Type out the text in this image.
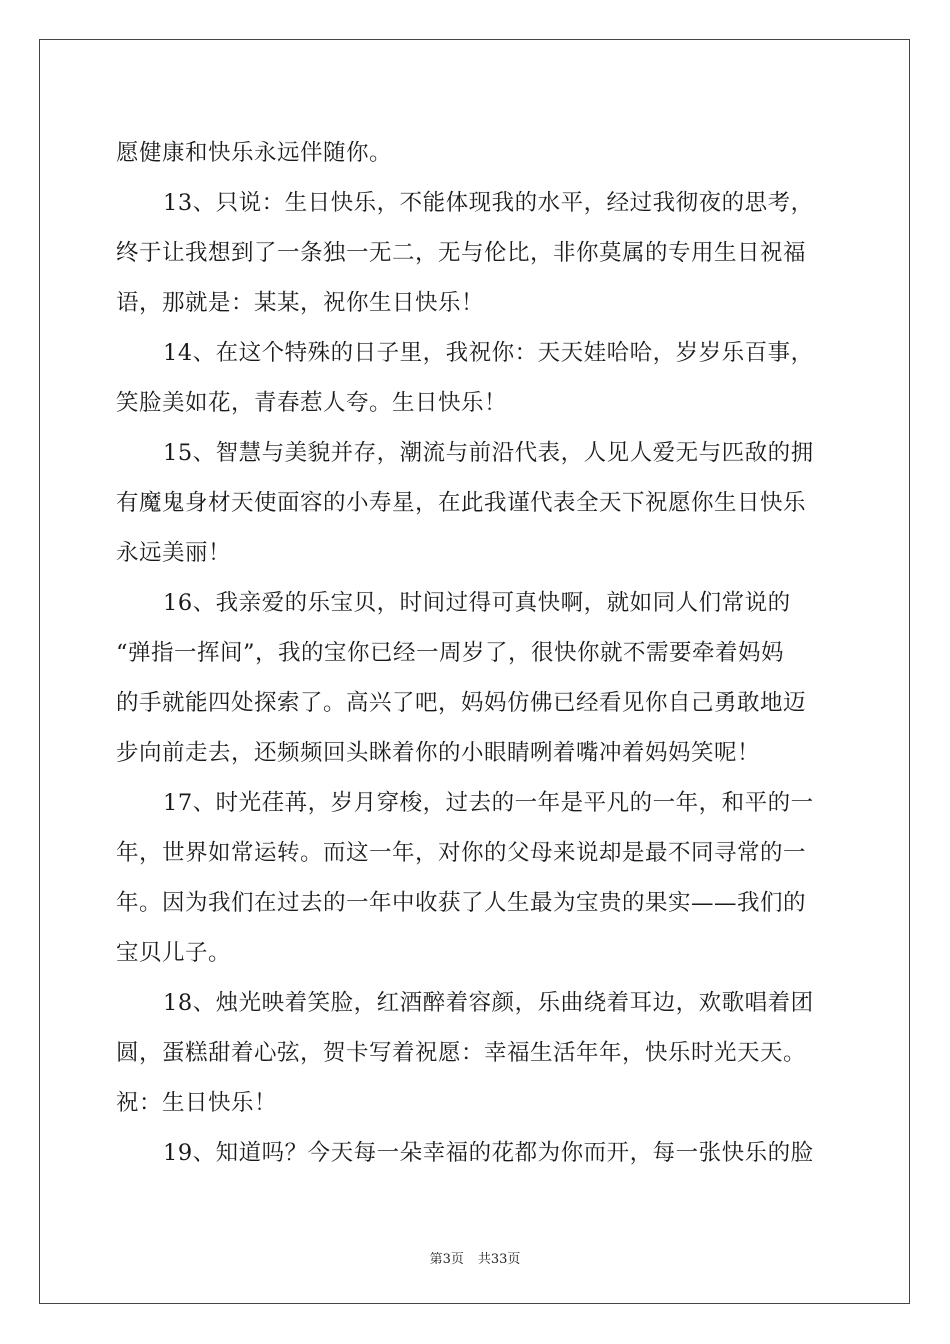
愿健康和快乐永远伴随你。
13、只说：生日快乐，不能体现我的水平，经过我彻夜的思考，
终于让我想到了一条独一无二，无与伦比，非你莫属的专用生日祝福
语，那就是：某某，祝你生日快乐！
14、在这个特殊的日子里，我祝你：天天娃哈哈，岁岁乐百事，
笑脸美如花，青春惹人夸。生日快乐！
15、智慧与美貌并存，潮流与前沿代表，人见人爱无与匹敌的拥
有魔鬼身材天使面容的小寿星，在此我谨代表全天下祝愿你生日快乐
永远美丽！
16、我亲爱的乐宝贝，时间过得可真快啊，就如同人们常说的
“弹指一挥间”，我的宝你已经一周岁了，很快你就不需要牵着妈妈
的手就能四处探索了。高兴了吧，妈妈仿佛已经看见你自己勇敢地迈
步向前走去，还频频回头眯着你的小眼睛咧着嘴冲着妈妈笑呢！
17、时光荏苒，岁月穿梭，过去的一年是平凡的一年，和平的一
年，世界如常运转。而这一年，对你的父母来说却是最不同寻常的一
年。因为我们在过去的一年中收获了人生最为宝贵的果实——我们的
宝贝儿子。
18、烛光映着笑脸，红酒醉着容颜，乐曲绕着耳边，欢歌唱着团
圆，蛋糕甜着心弦，贺卡写着祝愿：幸福生活年年，快乐时光天天。
祝：生日快乐！
19、知道吗？今天每一朵幸福的花都为你而开，每一张快乐的脸
第3页 共33页
